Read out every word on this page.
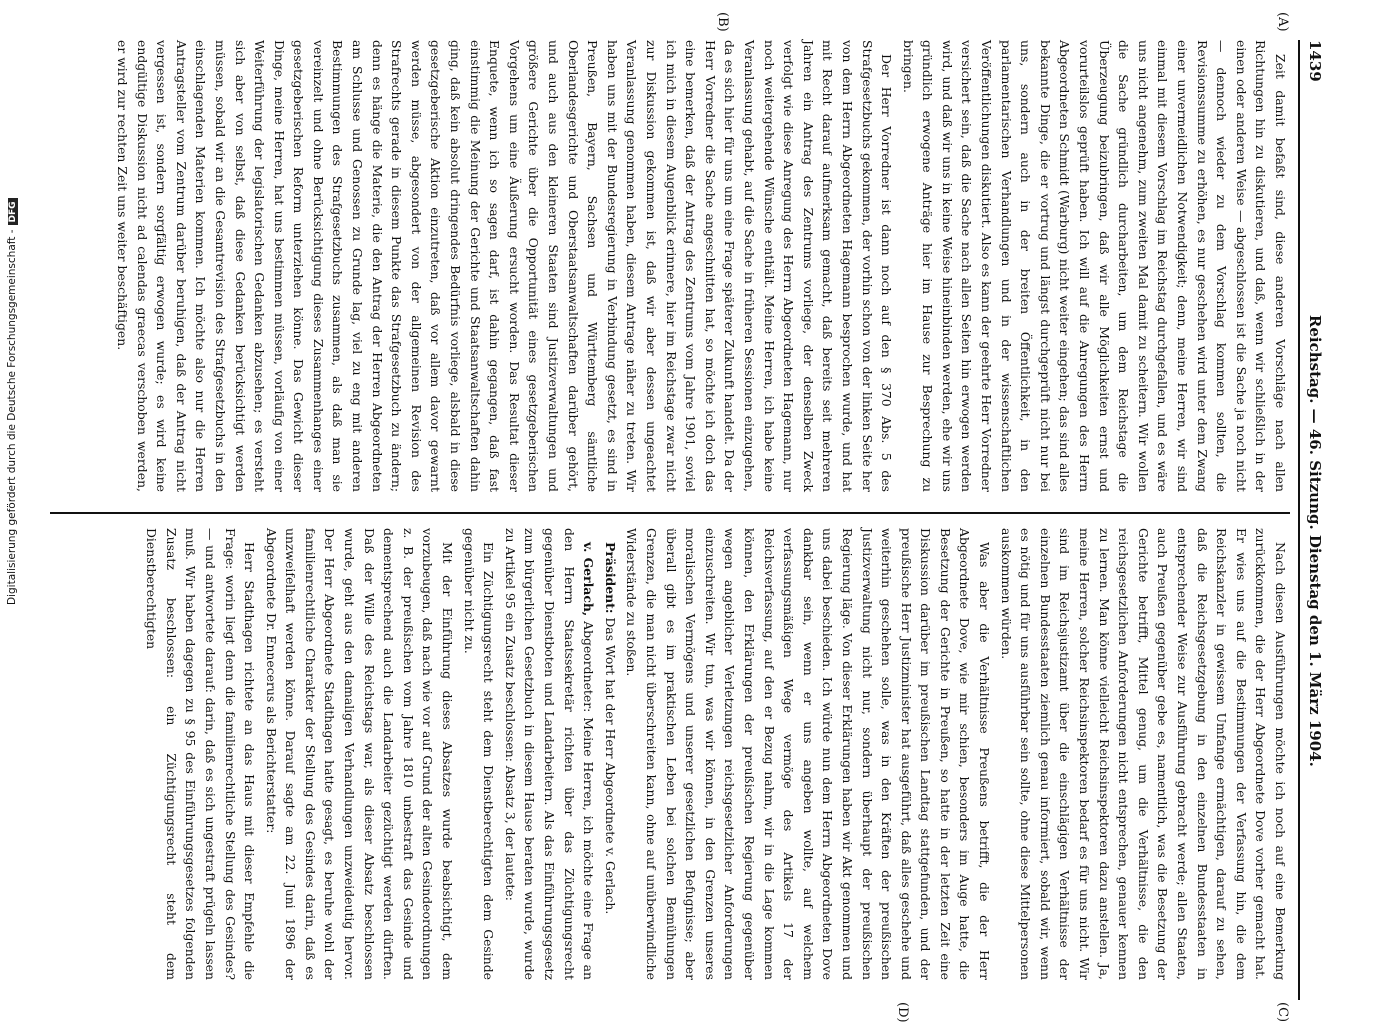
1439
Reichstag. — 46. Sitzung. Dienstag den 1. März 1904.
(A)
(B)
(C)
(D)

Zeit damit befaßt sind, diese anderen Vorschläge nach allen Richtungen hin zu diskutieren, und daß, wenn wir schließlich in der einen oder anderen Weise — abgeschlossen ist die Sache ja noch nicht — dennoch wieder zu dem Vorschlag kommen sollten, die Revisionssumme zu erhöhen, es nur geschehen wird unter dem Zwang einer unvermeidlichen Notwendigkeit; denn, meine Herren, wir sind einmal mit diesem Vorschlag im Reichstag durchgefallen, und es wäre uns nicht angenehm, zum zweiten Mal damit zu scheitern. Wir wollen die Sache gründlich durcharbeiten, um dem Reichstage die Überzeugung beizubringen, daß wir alle Möglichkeiten ernst und vorurteilslos geprüft haben. Ich will auf die Anregungen des Herrn Abgeordneten Schmidt (Warburg) nicht weiter eingehen; das sind alles bekannte Dinge, die er vortrug und längst durchgeprüft nicht nur bei uns, sondern auch in der breiten Öffentlichkeit, in den parlamentarischen Verhandlungen und in der wissenschaftlichen Veröffentlichungen diskutiert. Also es kann der geehrte Herr Vorredner versichert sein, daß die Sache nach allen Seiten hin erwogen werden wird, und daß wir uns in keine Weise hineinbinden werden, ehe wir uns gründlich erwogene Anträge hier im Hause zur Besprechung zu bringen.

Der Herr Vorredner ist dann noch auf den § 370 Abs. 5 des Strafgesetzbuchs gekommen, der vorhin schon von der linken Seite her von dem Herrn Abgeordneten Hagemann besprochen wurde, und hat mit Recht darauf aufmerksam gemacht, daß bereits seit mehreren Jahren ein Antrag des Zentrums vorliege, der denselben Zweck verfolgt wie diese Anregung des Herrn Abgeordneten Hagemann, nur noch weitergehende Wünsche enthält. Meine Herren, ich habe keine Veranlassung gehabt, auf die Sache in früheren Sessionen einzugehen, da es sich hier für uns um eine Frage späterer Zukunft handelt. Da der Herr Vorredner die Sache angeschnitten hat, so möchte ich doch das eine bemerken, daß der Antrag des Zentrums vom Jahre 1901, soviel ich mich in diesem Augenblick erinnere, hier im Reichstage zwar nicht zur Diskussion gekommen ist, daß wir aber dessen ungeachtet Veranlassung genommen haben, diesem Antrage näher zu treten. Wir haben uns mit der Bundesregierung in Verbindung gesetzt, es sind in Preußen, Bayern, Sachsen und Württemberg sämtliche Oberlandesgerichte und Oberstaatsanwaltschaften darüber gehört, und auch aus den kleineren Staaten sind Justizverwaltungen und größere Gerichte über die Opportunität eines gesetzgeberischen Vorgehens um eine Äußerung ersucht worden. Das Resultat dieser Enquete, wenn ich so sagen darf, ist dahin gegangen, daß fast einstimmig die Meinung der Gerichte und Staatsanwaltschaften dahin ging, daß kein absolut dringendes Bedürfnis vorliege, alsbald in diese gesetzgeberische Aktion einzutreten, daß vor allem davor gewarnt werden müsse, abgesondert von der allgemeinen Revision des Strafrechts gerade in diesem Punkte das Strafgesetzbuch zu ändern; denn es hänge die Materie, die den Antrag der Herren Abgeordneten am Schlusse und Genossen zu Grunde lag, viel zu eng mit anderen Bestimmungen des Strafgesetzbuchs zusammen, als daß man sie vereinzelt und ohne Berücksichtigung dieses Zusammenhanges einer gesetzgeberischen Reform unterziehen könne. Das Gewicht dieser Dinge, meine Herren, hat uns bestimmen müssen, vorläufig von einer Weiterführung der legislatorischen Gedanken abzusehen; es versteht sich aber von selbst, daß diese Gedanken berücksichtigt werden müssen, sobald wir an die Gesamtrevision des Strafgesetzbuchs in den einschlagenden Materien kommen. Ich möchte also nur die Herren Antragsteller vom Zentrum darüber beruhigen, daß der Antrag nicht vergessen ist, sondern sorgfältig erwogen wurde; es wird keine endgültige Diskussion nicht ad calendas graecas verschoben werden, er wird zur rechten Zeit uns weiter beschäftigen.

Nach diesen Ausführungen möchte ich noch auf eine Bemerkung zurückkommen, die der Herr Abgeordnete Dove vorher gemacht hat. Er wies uns auf die Bestimmungen der Verfassung hin, die dem Reichskanzler in gewissem Umfange ermächtigen, darauf zu sehen, daß die Reichsgesetzgebung in den einzelnen Bundesstaaten in entsprechender Weise zur Ausführung gebracht werde; allen Staaten, auch Preußen gegenüber gebe es, namentlich, was die Besetzung der Gerichte betrifft, Mittel genug, um die Verhältnisse, die den reichsgesetzlichen Anforderungen nicht entsprechen, genauer kennen zu lernen. Man könne vielleicht Reichsinspektoren dazu anstellen. Ja, meine Herren, solcher Reichsinspektoren bedarf es für uns nicht. Wir sind im Reichsjustizamt über die einschlägigen Verhältnisse der einzelnen Bundesstaaten ziemlich genau informiert, sobald wir, wenn es nötig und für uns ausführbar sein sollte, ohne diese Mittelpersonen auskommen würden.

Was aber die Verhältnisse Preußens betrifft, die der Herr Abgeordnete Dove, wie mir schien, besonders im Auge hatte, die Besetzung der Gerichte in Preußen, so hatte in der letzten Zeit eine Diskussion darüber im preußischen Landtag stattgefunden, und der preußische Herr Justizminister hat ausgeführt, daß alles geschehe und weiterhin geschehen solle, was in den Kräften der preußischen Justizverwaltung nicht nur, sondern überhaupt der preußischen Regierung läge. Von dieser Erklärungen haben wir Akt genommen und uns dabei beschieden. Ich würde nun dem Herrn Abgeordneten Dove dankbar sein, wenn er uns angeben wollte, auf welchem verfassungsmäßigen Wege vermöge des Artikels 17 der Reichsverfassung, auf den er Bezug nahm, wir in die Lage kommen können, den Erklärungen der preußischen Regierung gegenüber wegen angeblicher Verletzungen reichsgesetzlicher Anforderungen einzuschreiten. Wir tun, was wir können, in den Grenzen unseres moralischen Vermögens und unserer gesetzlichen Befugnisse; aber überall gibt es im praktischen Leben bei solchen Bemühungen Grenzen, die man nicht überschreiten kann, ohne auf unüberwindliche Widerstände zu stoßen.

Präsident: Das Wort hat der Herr Abgeordnete v. Gerlach.

v. Gerlach, Abgeordneter: Meine Herren, ich möchte eine Frage an den Herrn Staatssekretär richten über das Züchtigungsrecht gegenüber Dienstboten und Landarbeitern. Als das Einführungsgesetz zum bürgerlichen Gesetzbuch in diesem Hause beraten wurde, wurde zu Artikel 95 ein Zusatz beschlossen: Absatz 3, der lautete:

Ein Züchtigungsrecht steht dem Dienstberechtigten dem Gesinde gegenüber nicht zu.

Mit der Einführung dieses Absatzes wurde beabsichtigt, dem vorzubeugen, daß nach wie vor auf Grund der alten Gesindeordnungen z. B. der preußischen vom Jahre 1810 unbestraft das Gesinde und dementsprechend auch die Landarbeiter gezüchtigt werden dürften. Daß der Wille des Reichstags war, als dieser Absatz beschlossen wurde, geht aus den damaligen Verhandlungen unzweideutig hervor. Der Herr Abgeordnete Stadthagen hatte gesagt, es beruhe wohl der familienrechtliche Charakter der Stellung des Gesindes darin, daß es unzweifelhaft werden könne. Darauf sagte am 22. Juni 1896 der Abgeordnete Dr. Ennecerus als Berichterstatter:

Herr Stadthagen richtete an das Haus mit dieser Empfehle die Frage: worin liegt denn die familienrechtliche Stellung des Gesindes? — und antwortete darauf: darin, daß es sich ungestraft prügeln lassen muß. Wir haben dagegen zu § 95 des Einführungsgesetzes folgenden Zusatz beschlossen: ein Züchtigungsrecht steht dem Dienstberechtigten

Digitalisierung gefördert durch die Deutsche Forschungsgemeinschaft -DFG
